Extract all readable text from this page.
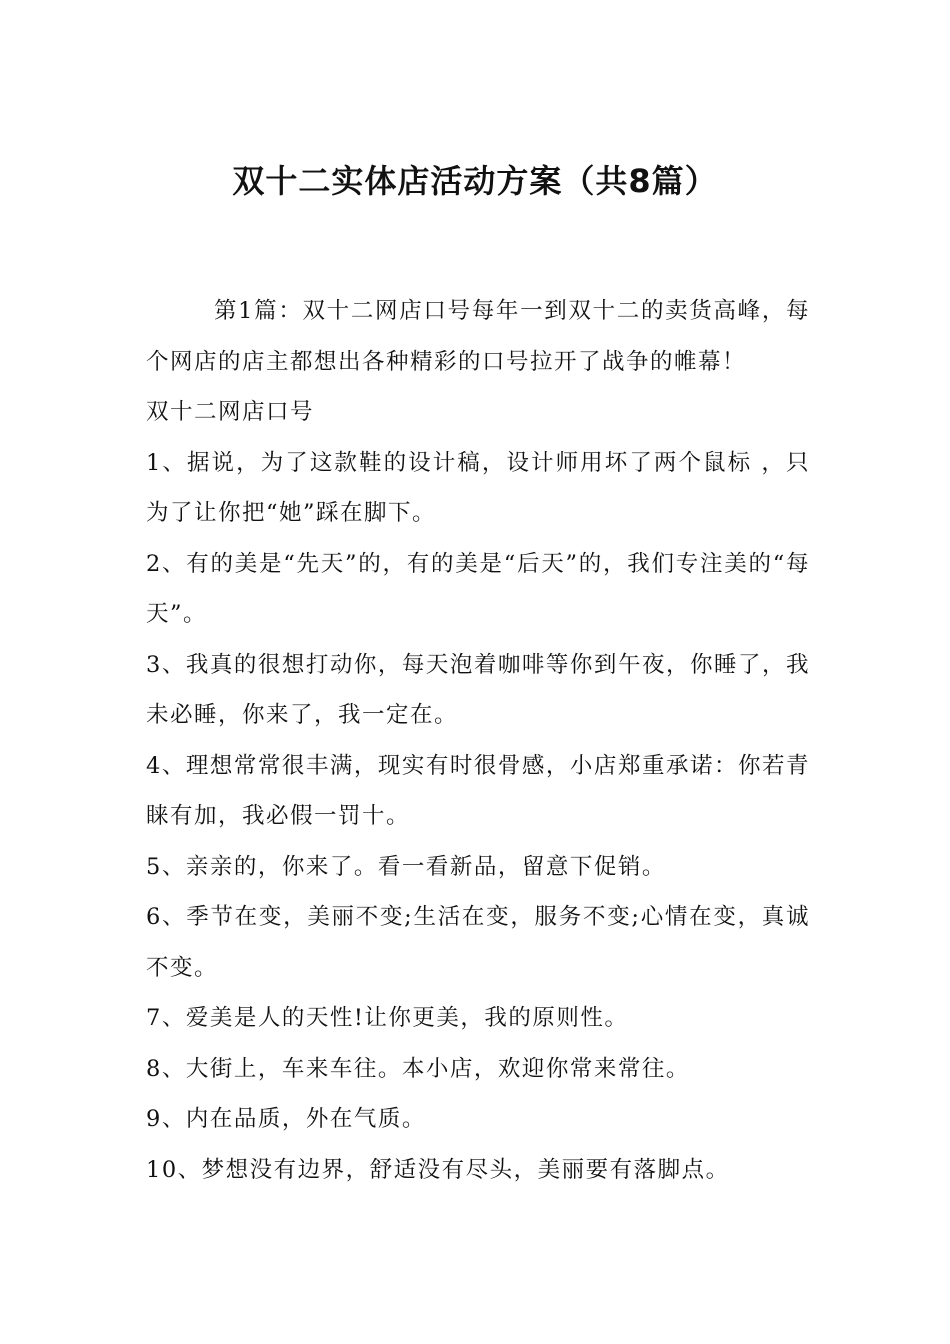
双十二实体店活动方案（共8篇）

第1篇：双十二网店口号每年一到双十二的卖货高峰，每个网店的店主都想出各种精彩的口号拉开了战争的帷幕！

双十二网店口号

1、据说，为了这款鞋的设计稿，设计师用坏了两个鼠标 ，只为了让你把“她”踩在脚下。

2、有的美是“先天”的，有的美是“后天”的，我们专注美的“每天”。

3、我真的很想打动你，每天泡着咖啡等你到午夜，你睡了，我未必睡，你来了，我一定在。

4、理想常常很丰满，现实有时很骨感，小店郑重承诺：你若青睐有加，我必假一罚十。

5、亲亲的，你来了。看一看新品，留意下促销。

6、季节在变，美丽不变;生活在变，服务不变;心情在变，真诚不变。

7、爱美是人的天性!让你更美，我的原则性。

8、大街上，车来车往。本小店，欢迎你常来常往。

9、内在品质，外在气质。

10、梦想没有边界，舒适没有尽头，美丽要有落脚点。
